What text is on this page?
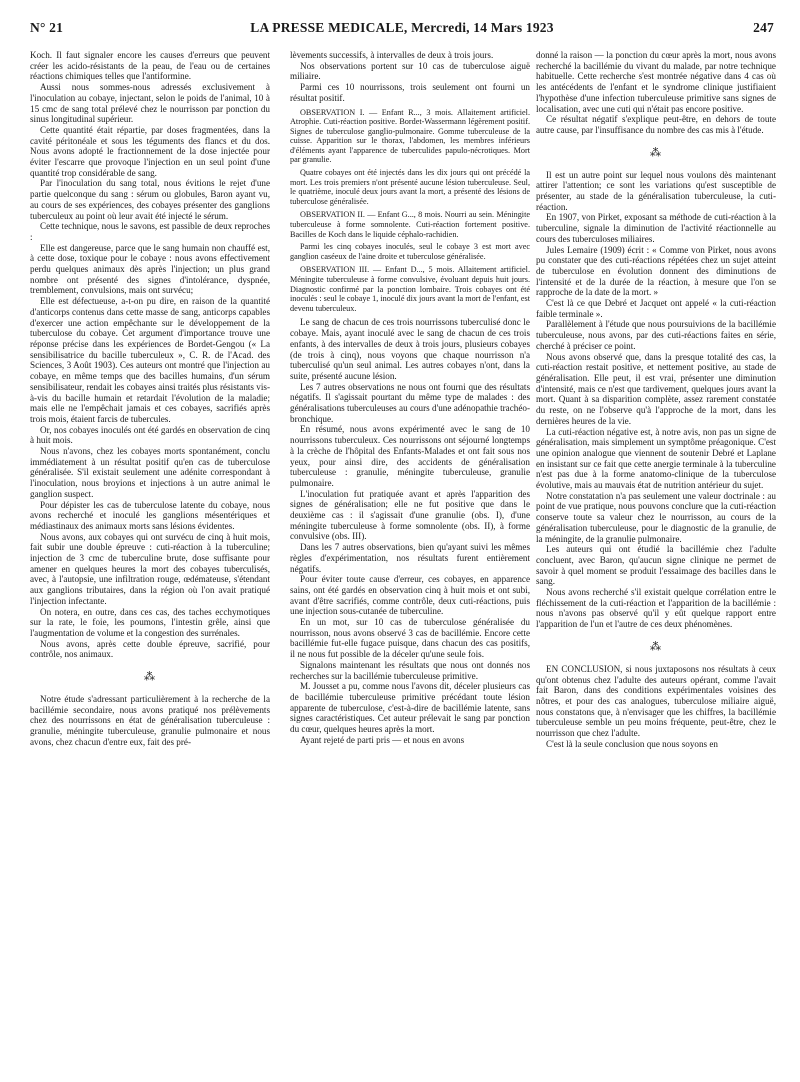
N° 21	LA PRESSE MEDICALE, Mercredi, 14 Mars 1923	247

Koch. Il faut signaler encore les causes d'erreurs que peuvent créer les acido-résistants de la peau, de l'eau ou de certaines réactions chimiques telles que l'antiformine.

Aussi nous sommes-nous adressés exclusivement à l'inoculation au cobaye, injectant, selon le poids de l'animal, 10 à 15 cmc de sang total prélevé chez le nourrisson par ponction du sinus longitudinal supérieur.

Cette quantité était répartie, par doses fragmentées, dans la cavité péritonéale et sous les téguments des flancs et du dos. Nous avons adopté le fractionnement de la dose injectée pour éviter l'escarre que provoque l'injection en un seul point d'une quantité trop considérable de sang.

Par l'inoculation du sang total, nous évitions le rejet d'une partie quelconque du sang : sérum ou globules, Baron ayant vu, au cours de ses expériences, des cobayes présenter des ganglions tuberculeux au point où leur avait été injecté le sérum.

Cette technique, nous le savons, est passible de deux reproches :

Elle est dangereuse, parce que le sang humain non chauffé est, à cette dose, toxique pour le cobaye : nous avons effectivement perdu quelques animaux dès après l'injection; un plus grand nombre ont présenté des signes d'intolérance, dyspnée, tremblement, convulsions, mais ont survécu;

Elle est défectueuse, a-t-on pu dire, en raison de la quantité d'anticorps contenus dans cette masse de sang, anticorps capables d'exercer une action empêchante sur le développement de la tuberculose du cobaye. Cet argument d'importance trouve une réponse précise dans les expériences de Bordet-Gengou (« La sensibilisatrice du bacille tuberculeux », C. R. de l'Acad. des Sciences, 3 Août 1903). Ces auteurs ont montré que l'injection au cobaye, en même temps que des bacilles humains, d'un sérum sensibilisateur, rendait les cobayes ainsi traités plus résistants vis-à-vis du bacille humain et retardait l'évolution de la maladie; mais elle ne l'empêchait jamais et ces cobayes, sacrifiés après trois mois, étaient farcis de tubercules.

Or, nos cobayes inoculés ont été gardés en observation de cinq à huit mois.

Nous n'avons, chez les cobayes morts spontanément, conclu immédiatement à un résultat positif qu'en cas de tuberculose généralisée. S'il existait seulement une adénite correspondant à l'inoculation, nous broyions et injections à un autre animal le ganglion suspect.

Pour dépister les cas de tuberculose latente du cobaye, nous avons recherché et inoculé les ganglions mésentériques et médiastinaux des animaux morts sans lésions évidentes.

Nous avons, aux cobayes qui ont survécu de cinq à huit mois, fait subir une double épreuve : cuti-réaction à la tuberculine; injection de 3 cmc de tuberculine brute, dose suffisante pour amener en quelques heures la mort des cobayes tuberculisés, avec, à l'autopsie, une infiltration rouge, œdémateuse, s'étendant aux ganglions tributaires, dans la région où l'on avait pratiqué l'injection infectante.

On notera, en outre, dans ces cas, des taches ecchymotiques sur la rate, le foie, les poumons, l'intestin grêle, ainsi que l'augmentation de volume et la congestion des surrénales.

Nous avons, après cette double épreuve, sacrifié, pour contrôle, nos animaux.

⁂

Notre étude s'adressant particulièrement à la recherche de la bacillémie secondaire, nous avons pratiqué nos prélèvements chez des nourrissons en état de généralisation tuberculeuse : granulie, méningite tuberculeuse, granulie pulmonaire et nous avons, chez chacun d'entre eux, fait des pré-

lèvements successifs, à intervalles de deux à trois jours.

Nos observations portent sur 10 cas de tuberculose aiguë miliaire.

Parmi ces 10 nourrissons, trois seulement ont fourni un résultat positif.

OBSERVATION I. — Enfant R..., 3 mois. Allaitement artificiel. Atrophie. Cuti-réaction positive. Bordet-Wassermann légèrement positif. Signes de tuberculose ganglio-pulmonaire. Gomme tuberculeuse de la cuisse. Apparition sur le thorax, l'abdomen, les membres inférieurs d'éléments ayant l'apparence de tuberculides papulo-nécrotiques. Mort par granulie.

Quatre cobayes ont été injectés dans les dix jours qui ont précédé la mort. Les trois premiers n'ont présenté aucune lésion tuberculeuse. Seul, le quatrième, inoculé deux jours avant la mort, a présenté des lésions de tuberculose généralisée.

OBSERVATION II. — Enfant G..., 8 mois. Nourri au sein. Méningite tuberculeuse à forme somnolente. Cuti-réaction fortement positive. Bacilles de Koch dans le liquide céphalo-rachidien.

Parmi les cinq cobayes inoculés, seul le cobaye 3 est mort avec ganglion caséeux de l'aine droite et tuberculose généralisée.

OBSERVATION III. — Enfant D..., 5 mois. Allaitement artificiel. Méningite tuberculeuse à forme convulsive, évoluant depuis huit jours. Diagnostic confirmé par la ponction lombaire. Trois cobayes ont été inoculés : seul le cobaye 1, inoculé dix jours avant la mort de l'enfant, est devenu tuberculeux.

Le sang de chacun de ces trois nourrissons tuberculisé donc le cobaye. Mais, ayant inoculé avec le sang de chacun de ces trois enfants, à des intervalles de deux à trois jours, plusieurs cobayes (de trois à cinq), nous voyons que chaque nourrisson n'a tuberculisé qu'un seul animal. Les autres cobayes n'ont, dans la suite, présenté aucune lésion.

Les 7 autres observations ne nous ont fourni que des résultats négatifs. Il s'agissait pourtant du même type de malades : des généralisations tuberculeuses au cours d'une adénopathie trachéo-bronchique.

En résumé, nous avons expérimenté avec le sang de 10 nourrissons tuberculeux. Ces nourrissons ont séjourné longtemps à la crèche de l'hôpital des Enfants-Malades et ont fait sous nos yeux, pour ainsi dire, des accidents de généralisation tuberculeuse : granulie, méningite tuberculeuse, granulie pulmonaire.

L'inoculation fut pratiquée avant et après l'apparition des signes de généralisation; elle ne fut positive que dans le deuxième cas : il s'agissait d'une granulie (obs. I), d'une méningite tuberculeuse à forme somnolente (obs. II), à forme convulsive (obs. III).

Dans les 7 autres observations, bien qu'ayant suivi les mêmes règles d'expérimentation, nos résultats furent entièrement négatifs.

Pour éviter toute cause d'erreur, ces cobayes, en apparence sains, ont été gardés en observation cinq à huit mois et ont subi, avant d'être sacrifiés, comme contrôle, deux cuti-réactions, puis une injection sous-cutanée de tuberculine.

En un mot, sur 10 cas de tuberculose généralisée du nourrisson, nous avons observé 3 cas de bacillémie. Encore cette bacillémie fut-elle fugace puisque, dans chacun des cas positifs, il ne nous fut possible de la déceler qu'une seule fois.

Signalons maintenant les résultats que nous ont donnés nos recherches sur la bacillémie tuberculeuse primitive.

M. Jousset a pu, comme nous l'avons dit, déceler plusieurs cas de bacillémie tuberculeuse primitive précédant toute lésion apparente de tuberculose, c'est-à-dire de bacillémie latente, sans signes caractéristiques. Cet auteur prélevait le sang par ponction du cœur, quelques heures après la mort.

Ayant rejeté de parti pris — et nous en avons

donné la raison — la ponction du cœur après la mort, nous avons recherché la bacillémie du vivant du malade, par notre technique habituelle. Cette recherche s'est montrée négative dans 4 cas où les antécédents de l'enfant et le syndrome clinique justifiaient l'hypothèse d'une infection tuberculeuse primitive sans signes de localisation, avec une cuti qui n'était pas encore positive.

Ce résultat négatif s'explique peut-être, en dehors de toute autre cause, par l'insuffisance du nombre des cas mis à l'étude.

⁂

Il est un autre point sur lequel nous voulons dès maintenant attirer l'attention; ce sont les variations qu'est susceptible de présenter, au stade de la généralisation tuberculeuse, la cuti-réaction.

En 1907, von Pirket, exposant sa méthode de cuti-réaction à la tuberculine, signale la diminution de l'activité réactionnelle au cours des tuberculoses miliaires.

Jules Lemaire (1909) écrit : « Comme von Pirket, nous avons pu constater que des cuti-réactions répétées chez un sujet atteint de tuberculose en évolution donnent des diminutions de l'intensité et de la durée de la réaction, à mesure que l'on se rapproche de la date de la mort. »

C'est là ce que Debré et Jacquet ont appelé « la cuti-réaction faible terminale ».

Parallèlement à l'étude que nous poursuivions de la bacillémie tuberculeuse, nous avons, par des cuti-réactions faites en série, cherché à préciser ce point.

Nous avons observé que, dans la presque totalité des cas, la cuti-réaction restait positive, et nettement positive, au stade de généralisation. Elle peut, il est vrai, présenter une diminution d'intensité, mais ce n'est que tardivement, quelques jours avant la mort. Quant à sa disparition complète, assez rarement constatée du reste, on ne l'observe qu'à l'approche de la mort, dans les dernières heures de la vie.

La cuti-réaction négative est, à notre avis, non pas un signe de généralisation, mais simplement un symptôme préagonique. C'est une opinion analogue que viennent de soutenir Debré et Laplane en insistant sur ce fait que cette anergie terminale à la tuberculine n'est pas due à la forme anatomo-clinique de la tuberculose évolutive, mais au mauvais état de nutrition antérieur du sujet.

Notre constatation n'a pas seulement une valeur doctrinale : au point de vue pratique, nous pouvons conclure que la cuti-réaction conserve toute sa valeur chez le nourrisson, au cours de la généralisation tuberculeuse, pour le diagnostic de la granulie, de la méningite, de la granulie pulmonaire.

Les auteurs qui ont étudié la bacillémie chez l'adulte concluent, avec Baron, qu'aucun signe clinique ne permet de savoir à quel moment se produit l'essaimage des bacilles dans le sang.

Nous avons recherché s'il existait quelque corrélation entre le fléchissement de la cuti-réaction et l'apparition de la bacillémie : nous n'avons pas observé qu'il y eût quelque rapport entre l'apparition de l'un et l'autre de ces deux phénomènes.

⁂

EN CONCLUSION, si nous juxtaposons nos résultats à ceux qu'ont obtenus chez l'adulte des auteurs opérant, comme l'avait fait Baron, dans des conditions expérimentales voisines des nôtres, et pour des cas analogues, tuberculose miliaire aiguë, nous constatons que, à n'envisager que les chiffres, la bacillémie tuberculeuse semble un peu moins fréquente, peut-être, chez le nourrisson que chez l'adulte.

C'est là la seule conclusion que nous soyons en
